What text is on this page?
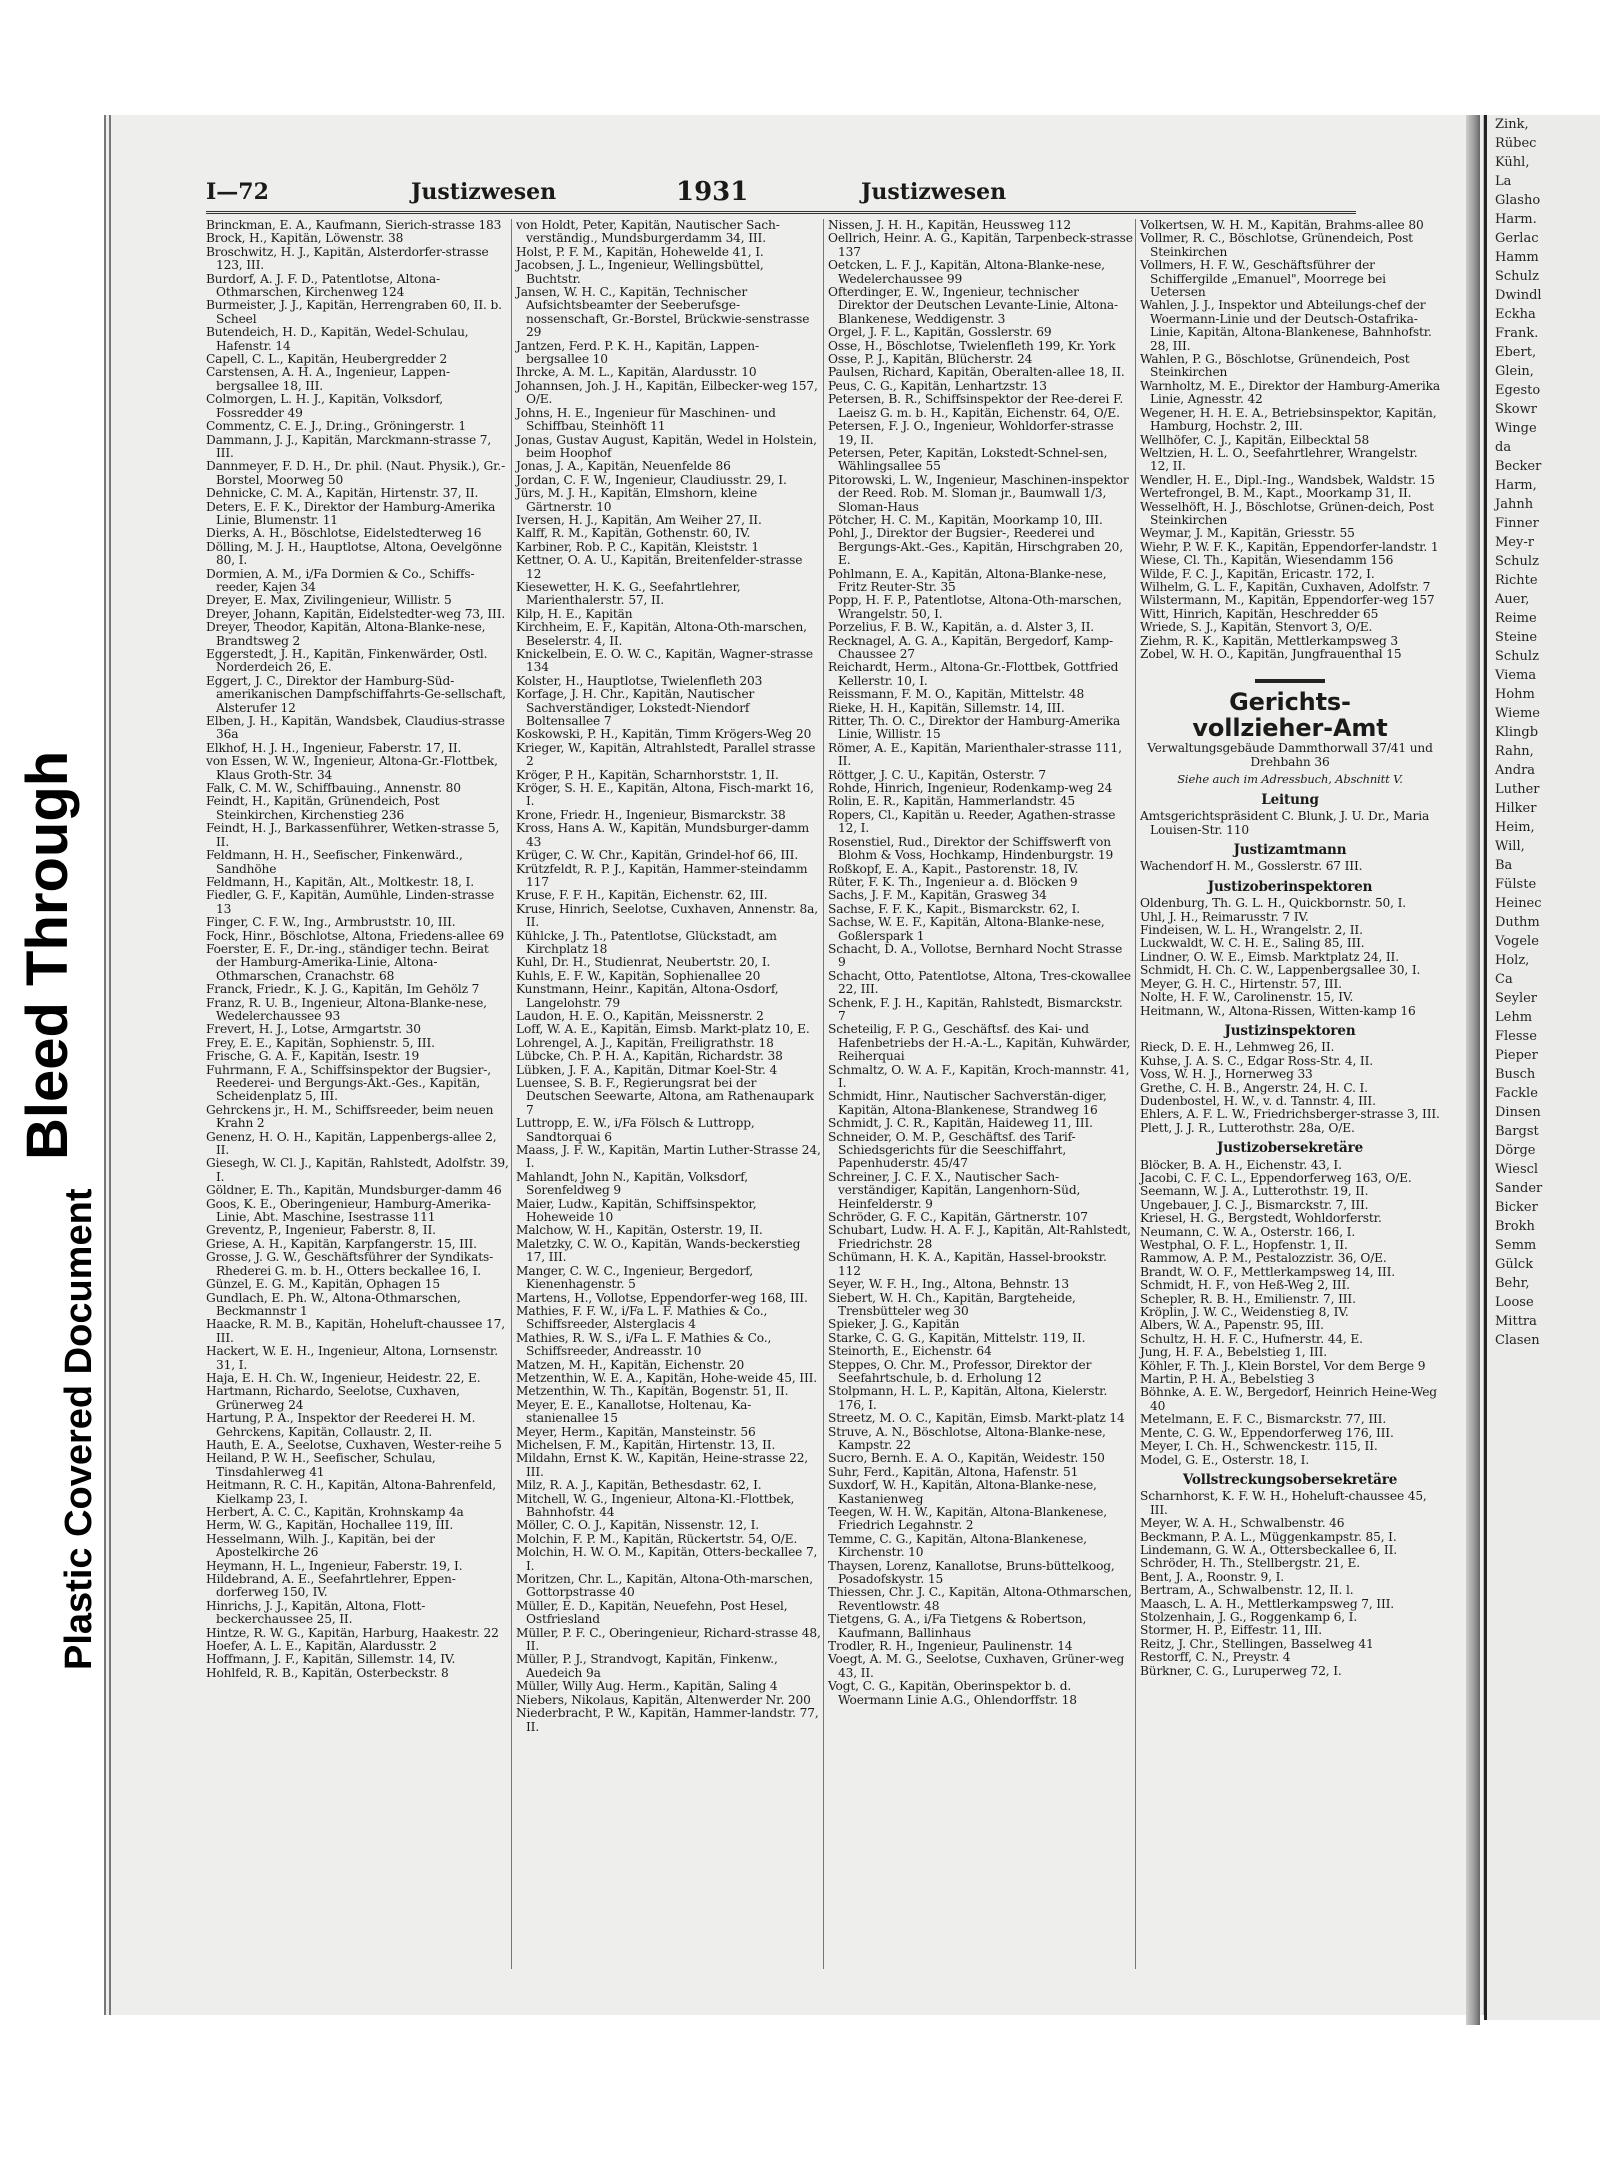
Bleed Through
Plastic Covered Document
I—72	Justizwesen	1931	Justizwesen

Brinckman, E. A., Kaufmann, Sierich-strasse 183

Brock, H., Kapitän, Löwenstr. 38

Broschwitz, H. J., Kapitän, Alsterdorfer-strasse 123, III.

Burdorf, A. J. F. D., Patentlotse, Altona-Othmarschen, Kirchenweg 124

Burmeister, J. J., Kapitän, Herrengraben 60, II. b. Scheel

Butendeich, H. D., Kapitän, Wedel-Schulau, Hafenstr. 14

Capell, C. L., Kapitän, Heubergredder 2

Carstensen, A. H. A., Ingenieur, Lappen-bergsallee 18, III.

Colmorgen, L. H. J., Kapitän, Volksdorf, Fossredder 49

Commentz, C. E. J., Dr.ing., Gröningerstr. 1

Dammann, J. J., Kapitän, Marckmann-strasse 7, III.

Dannmeyer, F. D. H., Dr. phil. (Naut. Physik.), Gr.-Borstel, Moorweg 50

Dehnicke, C. M. A., Kapitän, Hirtenstr. 37, II.

Deters, E. F. K., Direktor der Hamburg-Amerika Linie, Blumenstr. 11

Dierks, A. H., Böschlotse, Eidelstedterweg 16

Dölling, M. J. H., Hauptlotse, Altona, Oevelgönne 80, I.

Dormien, A. M., i/Fa Dormien & Co., Schiffs-reeder, Kajen 34

Dreyer, E. Max, Zivilingenieur, Willistr. 5

Dreyer, Johann, Kapitän, Eidelstedter-weg 73, III.

Dreyer, Theodor, Kapitän, Altona-Blanke-nese, Brandtsweg 2

Eggerstedt, J. H., Kapitän, Finkenwärder, Ostl. Norderdeich 26, E.

Eggert, J. C., Direktor der Hamburg-Süd-amerikanischen Dampfschiffahrts-Ge-sellschaft, Alsterufer 12

Elben, J. H., Kapitän, Wandsbek, Claudius-strasse 36a

Elkhof, H. J. H., Ingenieur, Faberstr. 17, II.

von Essen, W. W., Ingenieur, Altona-Gr.-Flottbek, Klaus Groth-Str. 34

Falk, C. M. W., Schiffbauing., Annenstr. 80

Feindt, H., Kapitän, Grünendeich, Post Steinkirchen, Kirchenstieg 236

Feindt, H. J., Barkassenführer, Wetken-strasse 5, II.

Feldmann, H. H., Seefischer, Finkenwärd., Sandhöhe

Feldmann, H., Kapitän, Alt., Moltkestr. 18, I.

Fiedler, G. F., Kapitän, Aumühle, Linden-strasse 13

Finger, C. F. W., Ing., Armbruststr. 10, III.

Fock, Hinr., Böschlotse, Altona, Friedens-allee 69

Foerster, E. F., Dr.-ing., ständiger techn. Beirat der Hamburg-Amerika-Linie, Altona-Othmarschen, Cranachstr. 68

Franck, Friedr., K. J. G., Kapitän, Im Gehölz 7

Franz, R. U. B., Ingenieur, Altona-Blanke-nese, Wedelerchaussee 93

Frevert, H. J., Lotse, Armgartstr. 30

Frey, E. E., Kapitän, Sophienstr. 5, III.

Frische, G. A. F., Kapitän, Isestr. 19

Fuhrmann, F. A., Schiffsinspektor der Bugsier-, Reederei- und Bergungs-Akt.-Ges., Kapitän, Scheidenplatz 5, III.

Gehrckens jr., H. M., Schiffsreeder, beim neuen Krahn 2

Genenz, H. O. H., Kapitän, Lappenbergs-allee 2, II.

Giesegh, W. Cl. J., Kapitän, Rahlstedt, Adolfstr. 39, I.

Göldner, E. Th., Kapitän, Mundsburger-damm 46

Goos, K. E., Oberingenieur, Hamburg-Amerika-Linie, Abt. Maschine, Isestrasse 111

Greventz, P., Ingenieur, Faberstr. 8, II.

Griese, A. H., Kapitän, Karpfangerstr. 15, III.

Grosse, J. G. W., Geschäftsführer der Syndikats-Rhederei G. m. b. H., Otters beckallee 16, I.

Günzel, E. G. M., Kapitän, Ophagen 15

Gundlach, E. Ph. W., Altona-Othmarschen, Beckmannstr 1

Haacke, R. M. B., Kapitän, Hoheluft-chaussee 17, III.

Hackert, W. E. H., Ingenieur, Altona, Lornsenstr. 31, I.

Haja, E. H. Ch. W., Ingenieur, Heidestr. 22, E.

Hartmann, Richardo, Seelotse, Cuxhaven, Grünerweg 24

Hartung, P. A., Inspektor der Reederei H. M. Gehrckens, Kapitän, Collaustr. 2, II.

Hauth, E. A., Seelotse, Cuxhaven, Wester-reihe 5

Heiland, P. W. H., Seefischer, Schulau, Tinsdahlerweg 41

Heitmann, R. C. H., Kapitän, Altona-Bahrenfeld, Kielkamp 23, I.

Herbert, A. C. C., Kapitän, Krohnskamp 4a

Herm, W. G., Kapitän, Hochallee 119, III.

Hesselmann, Wilh. J., Kapitän, bei der Apostelkirche 26

Heymann, H. L., Ingenieur, Faberstr. 19, I.

Hildebrand, A. E., Seefahrtlehrer, Eppen-dorferweg 150, IV.

Hinrichs, J. J., Kapitän, Altona, Flott-beckerchaussee 25, II.

Hintze, R. W. G., Kapitän, Harburg, Haakestr. 22

Hoefer, A. L. E., Kapitän, Alardusstr. 2

Hoffmann, J. F., Kapitän, Sillemstr. 14, IV.

Hohlfeld, R. B., Kapitän, Osterbeckstr. 8

von Holdt, Peter, Kapitän, Nautischer Sach-verständig., Mundsburgerdamm 34, III.

Holst, P. F. M., Kapitän, Hohewelde 41, I.

Jacobsen, J. L., Ingenieur, Wellingsbüttel, Buchtstr.

Jansen, W. H. C., Kapitän, Technischer Aufsichtsbeamter der Seeberufsge-nossenschaft, Gr.-Borstel, Brückwie-senstrasse 29

Jantzen, Ferd. P. K. H., Kapitän, Lappen-bergsallee 10

Ihrcke, A. M. L., Kapitän, Alardusstr. 10

Johannsen, Joh. J. H., Kapitän, Eilbecker-weg 157, O/E.

Johns, H. E., Ingenieur für Maschinen- und Schiffbau, Steinhöft 11

Jonas, Gustav August, Kapitän, Wedel in Holstein, beim Hoophof

Jonas, J. A., Kapitän, Neuenfelde 86

Jordan, C. F. W., Ingenieur, Claudiusstr. 29, I.

Jürs, M. J. H., Kapitän, Elmshorn, kleine Gärtnerstr. 10

Iversen, H. J., Kapitän, Am Weiher 27, II.

Kalff, R. M., Kapitän, Gothenstr. 60, IV.

Karbiner, Rob. P. C., Kapitän, Kleiststr. 1

Kettner, O. A. U., Kapitän, Breitenfelder-strasse 12

Kiesewetter, H. K. G., Seefahrtlehrer, Marienthalerstr. 57, II.

Kilp, H. E., Kapitän

Kirchheim, E. F., Kapitän, Altona-Oth-marschen, Beselerstr. 4, II.

Knickelbein, E. O. W. C., Kapitän, Wagner-strasse 134

Kolster, H., Hauptlotse, Twielenfleth 203

Korfage, J. H. Chr., Kapitän, Nautischer Sachverständiger, Lokstedt-Niendorf Boltensallee 7

Koskowski, P. H., Kapitän, Timm Krögers-Weg 20

Krieger, W., Kapitän, Altrahlstedt, Parallel strasse 2

Kröger, P. H., Kapitän, Scharnhorststr. 1, II.

Kröger, S. H. E., Kapitän, Altona, Fisch-markt 16, I.

Krone, Friedr. H., Ingenieur, Bismarckstr. 38

Kross, Hans A. W., Kapitän, Mundsburger-damm 43

Krüger, C. W. Chr., Kapitän, Grindel-hof 66, III.

Krützfeldt, R. P. J., Kapitän, Hammer-steindamm 117

Kruse, F. F. H., Kapitän, Eichenstr. 62, III.

Kruse, Hinrich, Seelotse, Cuxhaven, Annenstr. 8a, II.

Kühlcke, J. Th., Patentlotse, Glückstadt, am Kirchplatz 18

Kuhl, Dr. H., Studienrat, Neubertstr. 20, I.

Kuhls, E. F. W., Kapitän, Sophienallee 20

Kunstmann, Heinr., Kapitän, Altona-Osdorf, Langelohstr. 79

Laudon, H. E. O., Kapitän, Meissnerstr. 2

Loff, W. A. E., Kapitän, Eimsb. Markt-platz 10, E.

Lohrengel, A. J., Kapitän, Freiligrathstr. 18

Lübcke, Ch. P. H. A., Kapitän, Richardstr. 38

Lübken, J. F. A., Kapitän, Ditmar Koel-Str. 4

Luensee, S. B. F., Regierungsrat bei der Deutschen Seewarte, Altona, am Rathenaupark 7

Luttropp, E. W., i/Fa Fölsch & Luttropp, Sandtorquai 6

Maass, J. F. W., Kapitän, Martin Luther-Strasse 24, I.

Mahlandt, John N., Kapitän, Volksdorf, Sorenfeldweg 9

Maier, Ludw., Kapitän, Schiffsinspektor, Hoheweide 10

Malchow, W. H., Kapitän, Osterstr. 19, II.

Maletzky, C. W. O., Kapitän, Wands-beckerstieg 17, III.

Manger, C. W. C., Ingenieur, Bergedorf, Kienenhagenstr. 5

Martens, H., Vollotse, Eppendorfer-weg 168, III.

Mathies, F. F. W., i/Fa L. F. Mathies & Co., Schiffsreeder, Alsterglacis 4

Mathies, R. W. S., i/Fa L. F. Mathies & Co., Schiffsreeder, Andreasstr. 10

Matzen, M. H., Kapitän, Eichenstr. 20

Metzenthin, W. E. A., Kapitän, Hohe-weide 45, III.

Metzenthin, W. Th., Kapitän, Bogenstr. 51, II.

Meyer, E. E., Kanallotse, Holtenau, Ka-stanienallee 15

Meyer, Herm., Kapitän, Mansteinstr. 56

Michelsen, F. M., Kapitän, Hirtenstr. 13, II.

Mildahn, Ernst K. W., Kapitän, Heine-strasse 22, III.

Milz, R. A. J., Kapitän, Bethesdastr. 62, I.

Mitchell, W. G., Ingenieur, Altona-Kl.-Flottbek, Bahnhofstr. 44

Möller, C. O. J., Kapitän, Nissenstr. 12, I.

Molchin, F. P. M., Kapitän, Rückertstr. 54, O/E.

Molchin, H. W. O. M., Kapitän, Otters-beckallee 7, I.

Moritzen, Chr. L., Kapitän, Altona-Oth-marschen, Gottorpstrasse 40

Müller, E. D., Kapitän, Neuefehn, Post Hesel, Ostfriesland

Müller, P. F. C., Oberingenieur, Richard-strasse 48, II.

Müller, P. J., Strandvogt, Kapitän, Finkenw., Auedeich 9a

Müller, Willy Aug. Herm., Kapitän, Saling 4

Niebers, Nikolaus, Kapitän, Altenwerder Nr. 200

Niederbracht, P. W., Kapitän, Hammer-landstr. 77, II.

Nissen, J. H. H., Kapitän, Heussweg 112

Oellrich, Heinr. A. G., Kapitän, Tarpenbeck-strasse 137

Oetcken, L. F. J., Kapitän, Altona-Blanke-nese, Wedelerchaussee 99

Ofterdinger, E. W., Ingenieur, technischer Direktor der Deutschen Levante-Linie, Altona-Blankenese, Weddigenstr. 3

Orgel, J. F. L., Kapitän, Gosslerstr. 69

Osse, H., Böschlotse, Twielenfleth 199, Kr. York

Osse, P. J., Kapitän, Blücherstr. 24

Paulsen, Richard, Kapitän, Oberalten-allee 18, II.

Peus, C. G., Kapitän, Lenhartzstr. 13

Petersen, B. R., Schiffsinspektor der Ree-derei F. Laeisz G. m. b. H., Kapitän, Eichenstr. 64, O/E.

Petersen, F. J. O., Ingenieur, Wohldorfer-strasse 19, II.

Petersen, Peter, Kapitän, Lokstedt-Schnel-sen, Wählingsallee 55

Pitorowski, L. W., Ingenieur, Maschinen-inspektor der Reed. Rob. M. Sloman jr., Baumwall 1/3, Sloman-Haus

Pötcher, H. C. M., Kapitän, Moorkamp 10, III.

Pohl, J., Direktor der Bugsier-, Reederei und Bergungs-Akt.-Ges., Kapitän, Hirschgraben 20, E.

Pohlmann, E. A., Kapitän, Altona-Blanke-nese, Fritz Reuter-Str. 35

Popp, H. F. P., Patentlotse, Altona-Oth-marschen, Wrangelstr. 50, I.

Porzelius, F. B. W., Kapitän, a. d. Alster 3, II.

Recknagel, A. G. A., Kapitän, Bergedorf, Kamp-Chaussee 27

Reichardt, Herm., Altona-Gr.-Flottbek, Gottfried Kellerstr. 10, I.

Reissmann, F. M. O., Kapitän, Mittelstr. 48

Rieke, H. H., Kapitän, Sillemstr. 14, III.

Ritter, Th. O. C., Direktor der Hamburg-Amerika Linie, Willistr. 15

Römer, A. E., Kapitän, Marienthaler-strasse 111, II.

Röttger, J. C. U., Kapitän, Osterstr. 7

Rohde, Hinrich, Ingenieur, Rodenkamp-weg 24

Rolin, E. R., Kapitän, Hammerlandstr. 45

Ropers, Cl., Kapitän u. Reeder, Agathen-strasse 12, I.

Rosenstiel, Rud., Direktor der Schiffswerft von Blohm & Voss, Hochkamp, Hindenburgstr. 19

Roßkopf, E. A., Kapit., Pastorenstr. 18, IV.

Rüter, F. K. Th., Ingenieur a. d. Blöcken 9

Sachs, J. F. M., Kapitän, Grasweg 34

Sachse, F. F. K., Kapit., Bismarckstr. 62, I.

Sachse, W. E. F., Kapitän, Altona-Blanke-nese, Goßlerspark 1

Schacht, D. A., Vollotse, Bernhard Nocht Strasse 9

Schacht, Otto, Patentlotse, Altona, Tres-ckowallee 22, III.

Schenk, F. J. H., Kapitän, Rahlstedt, Bismarckstr. 7

Scheteilig, F. P. G., Geschäftsf. des Kai- und Hafenbetriebs der H.-A.-L., Kapitän, Kuhwärder, Reiherquai

Schmaltz, O. W. A. F., Kapitän, Kroch-mannstr. 41, I.

Schmidt, Hinr., Nautischer Sachverstän-diger, Kapitän, Altona-Blankenese, Strandweg 16

Schmidt, J. C. R., Kapitän, Haideweg 11, III.

Schneider, O. M. P., Geschäftsf. des Tarif-Schiedsgerichts für die Seeschiffahrt, Papenhuderstr. 45/47

Schreiner, J. C. F. X., Nautischer Sach-verständiger, Kapitän, Langenhorn-Süd, Heinfelderstr. 9

Schröder, G. F. C., Kapitän, Gärtnerstr. 107

Schubart, Ludw. H. A. F. J., Kapitän, Alt-Rahlstedt, Friedrichstr. 28

Schümann, H. K. A., Kapitän, Hassel-brookstr. 112

Seyer, W. F. H., Ing., Altona, Behnstr. 13

Siebert, W. H. Ch., Kapitän, Bargteheide, Trensbütteler weg 30

Spieker, J. G., Kapitän

Starke, C. G. G., Kapitän, Mittelstr. 119, II.

Steinorth, E., Eichenstr. 64

Steppes, O. Chr. M., Professor, Direktor der Seefahrtschule, b. d. Erholung 12

Stolpmann, H. L. P., Kapitän, Altona, Kielerstr. 176, I.

Streetz, M. O. C., Kapitän, Eimsb. Markt-platz 14

Struve, A. N., Böschlotse, Altona-Blanke-nese, Kampstr. 22

Sucro, Bernh. E. A. O., Kapitän, Weidestr. 150

Suhr, Ferd., Kapitän, Altona, Hafenstr. 51

Suxdorf, W. H., Kapitän, Altona-Blanke-nese, Kastanienweg

Teegen, W. H. W., Kapitän, Altona-Blankenese, Friedrich Legahnstr. 2

Temme, C. G., Kapitän, Altona-Blankenese, Kirchenstr. 10

Thaysen, Lorenz, Kanallotse, Bruns-büttelkoog, Posadofskystr. 15

Thiessen, Chr. J. C., Kapitän, Altona-Othmarschen, Reventlowstr. 48

Tietgens, G. A., i/Fa Tietgens & Robertson, Kaufmann, Ballinhaus

Trodler, R. H., Ingenieur, Paulinenstr. 14

Voegt, A. M. G., Seelotse, Cuxhaven, Grüner-weg 43, II.

Vogt, C. G., Kapitän, Oberinspektor b. d. Woermann Linie A.G., Ohlendorffstr. 18

Volkertsen, W. H. M., Kapitän, Brahms-allee 80

Vollmer, R. C., Böschlotse, Grünendeich, Post Steinkirchen

Vollmers, H. F. W., Geschäftsführer der Schiffergilde „Emanuel", Moorrege bei Uetersen

Wahlen, J. J., Inspektor und Abteilungs-chef der Woermann-Linie und der Deutsch-Ostafrika-Linie, Kapitän, Altona-Blankenese, Bahnhofstr. 28, III.

Wahlen, P. G., Böschlotse, Grünendeich, Post Steinkirchen

Warnholtz, M. E., Direktor der Hamburg-Amerika Linie, Agnesstr. 42

Wegener, H. H. E. A., Betriebsinspektor, Kapitän, Hamburg, Hochstr. 2, III.

Wellhöfer, C. J., Kapitän, Eilbecktal 58

Weltzien, H. L. O., Seefahrtlehrer, Wrangelstr. 12, II.

Wendler, H. E., Dipl.-Ing., Wandsbek, Waldstr. 15

Wertefrongel, B. M., Kapt., Moorkamp 31, II.

Wesselhöft, H. J., Böschlotse, Grünen-deich, Post Steinkirchen

Weymar, J. M., Kapitän, Griesstr. 55

Wiehr, P. W. F. K., Kapitän, Eppendorfer-landstr. 1

Wiese, Cl. Th., Kapitän, Wiesendamm 156

Wilde, F. C. J., Kapitän, Ericastr. 172, I.

Wilhelm, G. L. F., Kapitän, Cuxhaven, Adolfstr. 7

Wilstermann, M., Kapitän, Eppendorfer-weg 157

Witt, Hinrich, Kapitän, Heschredder 65

Wriede, S. J., Kapitän, Stenvort 3, O/E.

Ziehm, R. K., Kapitän, Mettlerkampsweg 3

Zobel, W. H. O., Kapitän, Jungfrauenthal 15

Gerichts-
vollzieher-Amt
Verwaltungsgebäude Dammthorwall 37/41 und Drehbahn 36
Siehe auch im Adressbuch, Abschnitt V.
Leitung

Amtsgerichtspräsident C. Blunk, J. U. Dr., Maria Louisen-Str. 110

Justizamtmann

Wachendorf H. M., Gosslerstr. 67 III.

Justizoberinspektoren

Oldenburg, Th. G. L. H., Quickbornstr. 50, I.

Uhl, J. H., Reimarusstr. 7 IV.

Findeisen, W. L. H., Wrangelstr. 2, II.

Luckwaldt, W. C. H. E., Saling 85, III.

Lindner, O. W. E., Eimsb. Marktplatz 24, II.

Schmidt, H. Ch. C. W., Lappenbergsallee 30, I.

Meyer, G. H. C., Hirtenstr. 57, III.

Nolte, H. F. W., Carolinenstr. 15, IV.

Heitmann, W., Altona-Rissen, Witten-kamp 16

Justizinspektoren

Rieck, D. E. H., Lehmweg 26, II.

Kuhse, J. A. S. C., Edgar Ross-Str. 4, II.

Voss, W. H. J., Hornerweg 33

Grethe, C. H. B., Angerstr. 24, H. C. I.

Dudenbostel, H. W., v. d. Tannstr. 4, III.

Ehlers, A. F. L. W., Friedrichsberger-strasse 3, III.

Plett, J. J. R., Lutterothstr. 28a, O/E.

Justizobersekretäre

Blöcker, B. A. H., Eichenstr. 43, I.

Jacobi, C. F. C. L., Eppendorferweg 163, O/E.

Seemann, W. J. A., Lutterothstr. 19, II.

Ungebauer, J. C. J., Bismarckstr. 7, III.

Kriesel, H. G., Bergstedt, Wohldorferstr.

Neumann, C. W. A., Osterstr. 166, I.

Westphal, O. F. L., Hopfenstr. 1, II.

Rammow, A. P. M., Pestalozzistr. 36, O/E.

Brandt, W. O. F., Mettlerkampsweg 14, III.

Schmidt, H. F., von Heß-Weg 2, III.

Schepler, R. B. H., Emilienstr. 7, III.

Kröplin, J. W. C., Weidenstieg 8, IV.

Albers, W. A., Papenstr. 95, III.

Schultz, H. H. F. C., Hufnerstr. 44, E.

Jung, H. F. A., Bebelstieg 1, III.

Köhler, F. Th. J., Klein Borstel, Vor dem Berge 9

Martin, P. H. A., Bebelstieg 3

Böhnke, A. E. W., Bergedorf, Heinrich Heine-Weg 40

Metelmann, E. F. C., Bismarckstr. 77, III.

Mente, C. G. W., Eppendorferweg 176, III.

Meyer, I. Ch. H., Schwenckestr. 115, II.

Model, G. E., Osterstr. 18, I.

Vollstreckungsobersekretäre

Scharnhorst, K. F. W. H., Hoheluft-chaussee 45, III.

Meyer, W. A. H., Schwalbenstr. 46

Beckmann, P. A. L., Müggenkampstr. 85, I.

Lindemann, G. W. A., Ottersbeckallee 6, II.

Schröder, H. Th., Stellbergstr. 21, E.

Bent, J. A., Roonstr. 9, I.

Bertram, A., Schwalbenstr. 12, II. l.

Maasch, L. A. H., Mettlerkampsweg 7, III.

Stolzenhain, J. G., Roggenkamp 6, I.

Stormer, H. P., Eiffestr. 11, III.

Reitz, J. Chr., Stellingen, Basselweg 41

Restorff, C. N., Preystr. 4

Bürkner, C. G., Luruperweg 72, I.

Zink,
Rübec
Kühl,
La
Glasho
Harm.
Gerlac
Hamm
Schulz
Dwindl
Eckha
Frank.
Ebert,
Glein,
Egesto
Skowr
Winge
da
Becker
Harm,
Jahnh
Finner
Mey-r
Schulz
Richte
Auer,
Reime
Steine
Schulz
Viema
Hohm
Wieme
Klingb
Rahn,
Andra
Luther
Hilker
Heim,
Will,
Ba
Fülste
Heinec
Duthm
Vogele
Holz,
Ca
Seyler
Lehm
Flesse
Pieper
Busch
Fackle
Dinsen
Bargst
Dörge
Wiescl
Sander
Bicker
Brokh
Semm
Gülck
Behr,
Loose
Mittra
Clasen
